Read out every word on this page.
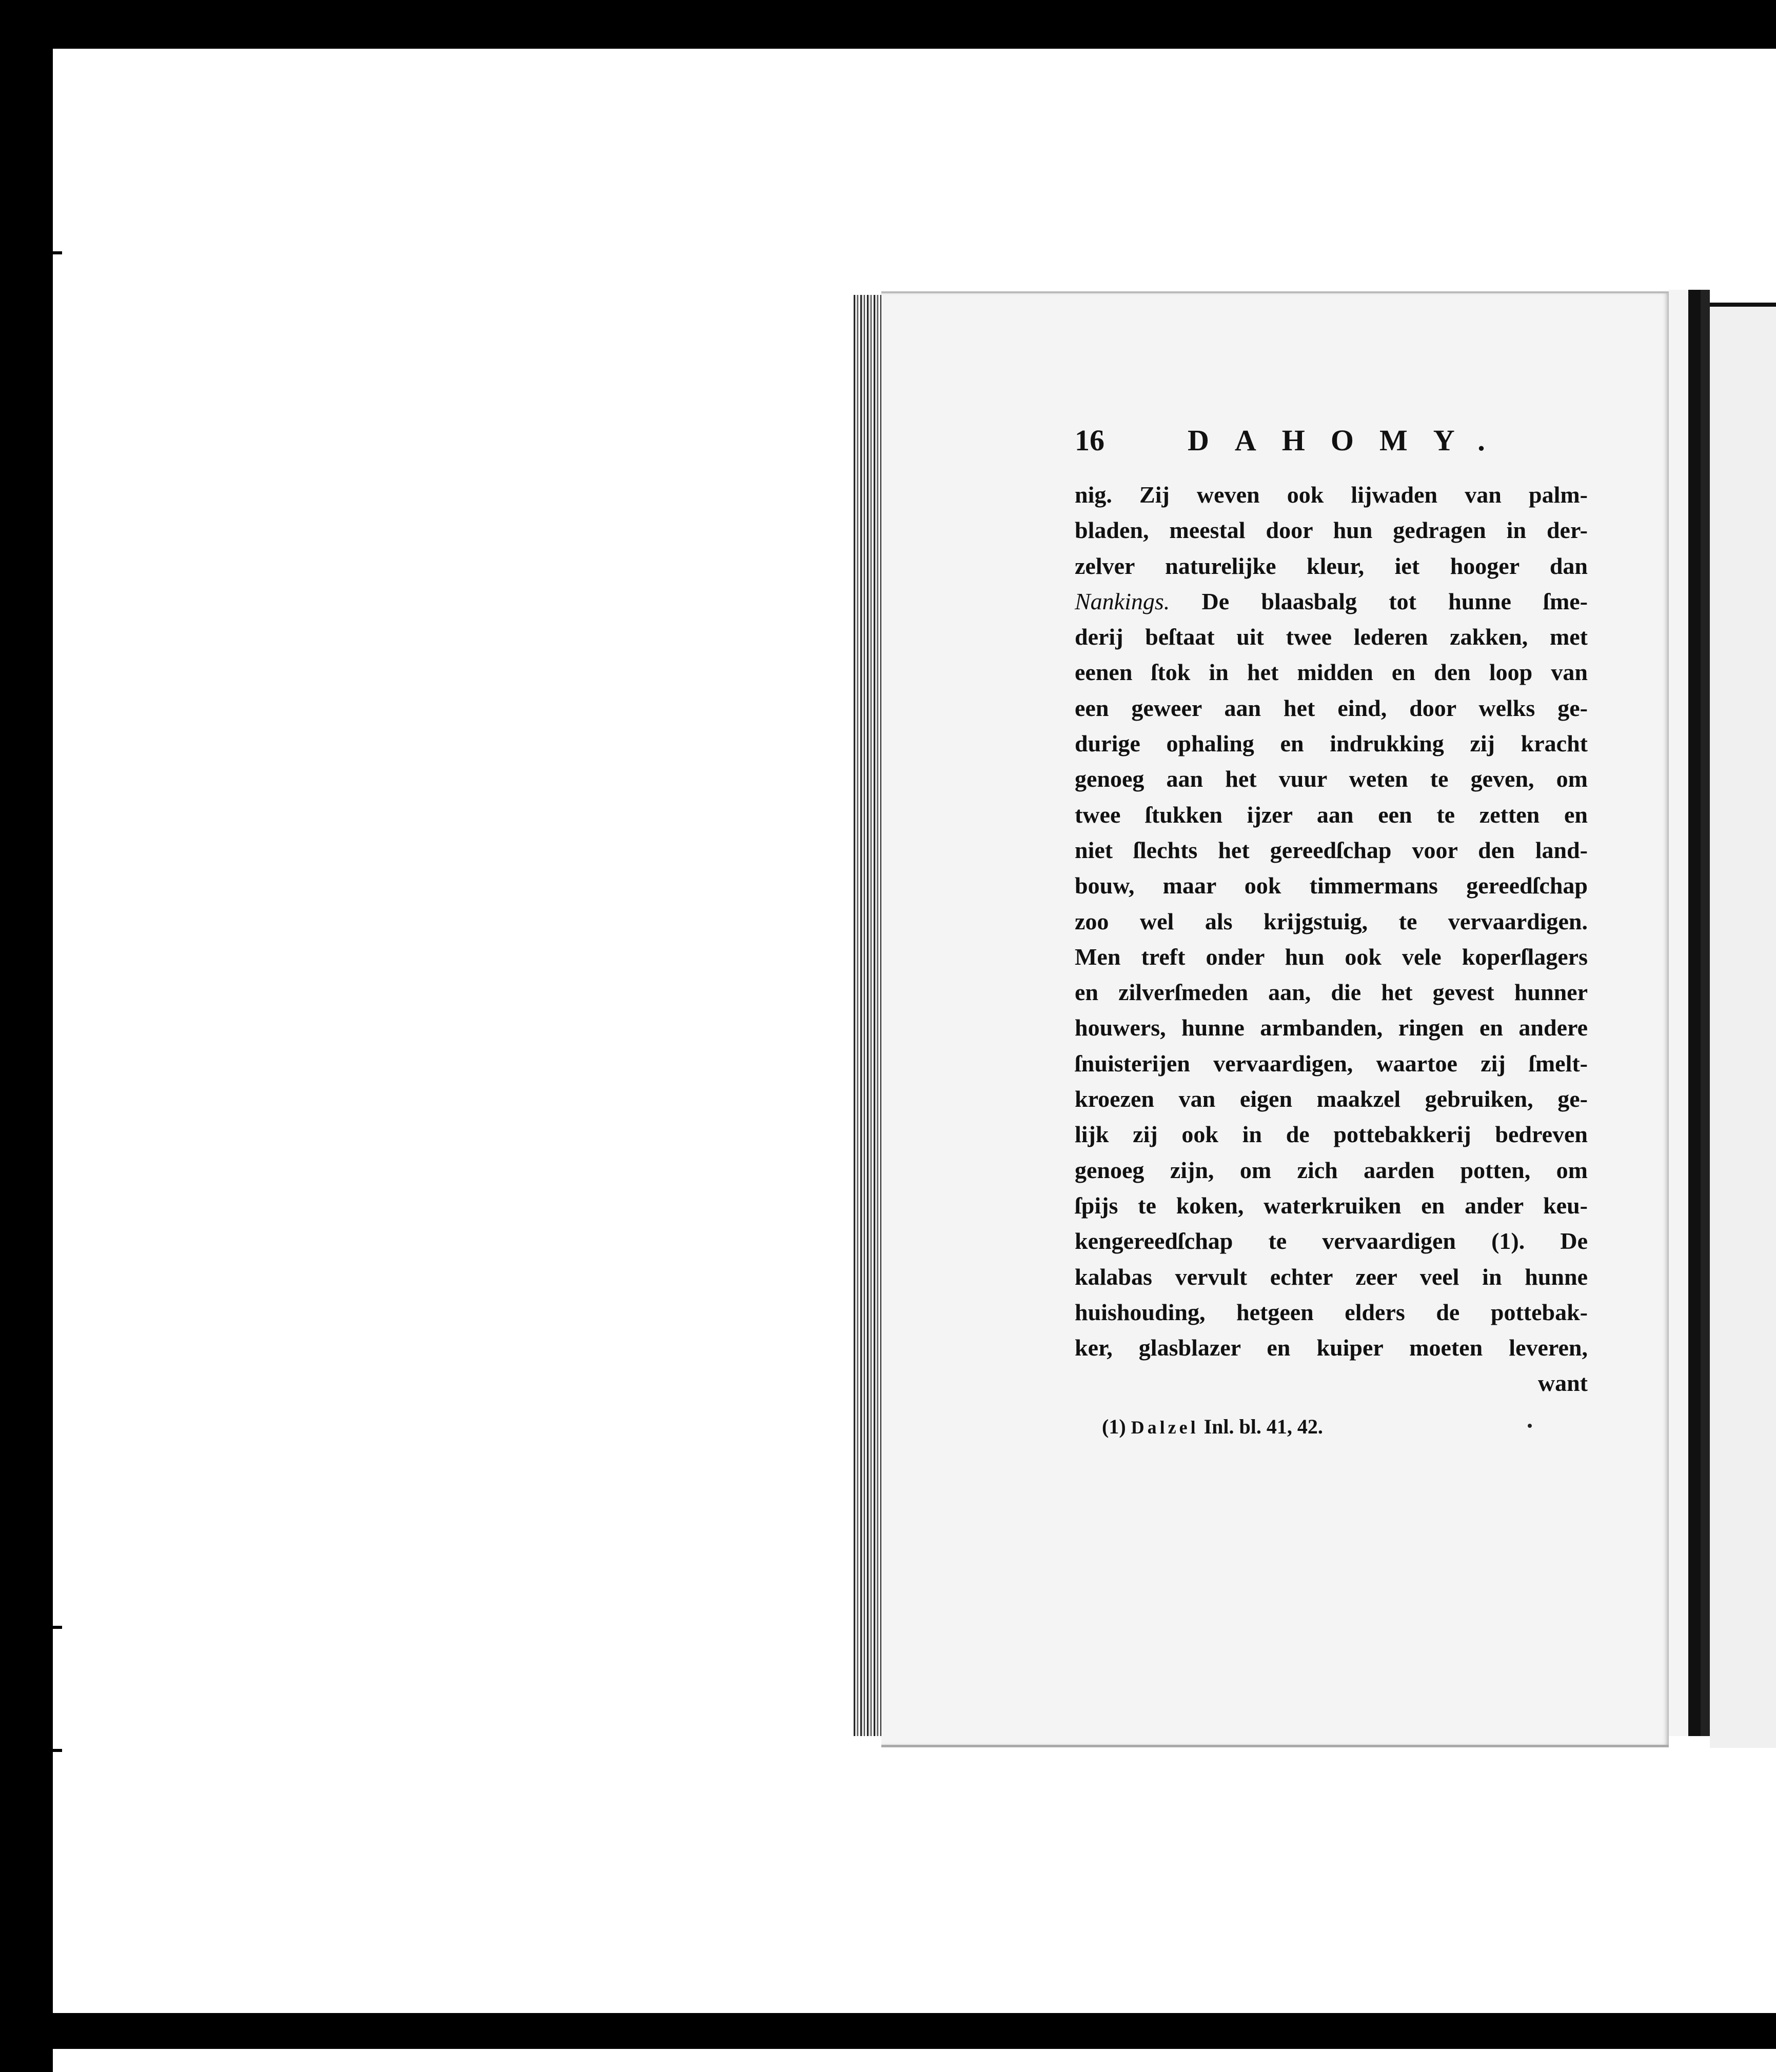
16	DAHOMY.
nig. Zij weven ook lijwaden van palm-
bladen, meestal door hun gedragen in der-
zelver naturelijke kleur, iet hooger dan
Nankings. De blaasbalg tot hunne ſme-
derij beſtaat uit twee lederen zakken, met
eenen ſtok in het midden en den loop van
een geweer aan het eind, door welks ge-
durige ophaling en indrukking zij kracht
genoeg aan het vuur weten te geven, om
twee ſtukken ijzer aan een te zetten en
niet ſlechts het gereedſchap voor den land-
bouw, maar ook timmermans gereedſchap
zoo wel als krijgstuig, te vervaardigen.
Men treft onder hun ook vele koperſlagers
en zilverſmeden aan, die het gevest hunner
houwers, hunne armbanden, ringen en andere
ſnuisterijen vervaardigen, waartoe zij ſmelt-
kroezen van eigen maakzel gebruiken, ge-
lijk zij ook in de pottebakkerij bedreven
genoeg zijn, om zich aarden potten, om
ſpijs te koken, waterkruiken en ander keu-
kengereedſchap te vervaardigen (1). De
kalabas vervult echter zeer veel in hunne
huishouding, hetgeen elders de pottebak-
ker, glasblazer en kuiper moeten leveren,
want
(1) Dalzel Inl. bl. 41, 42.
